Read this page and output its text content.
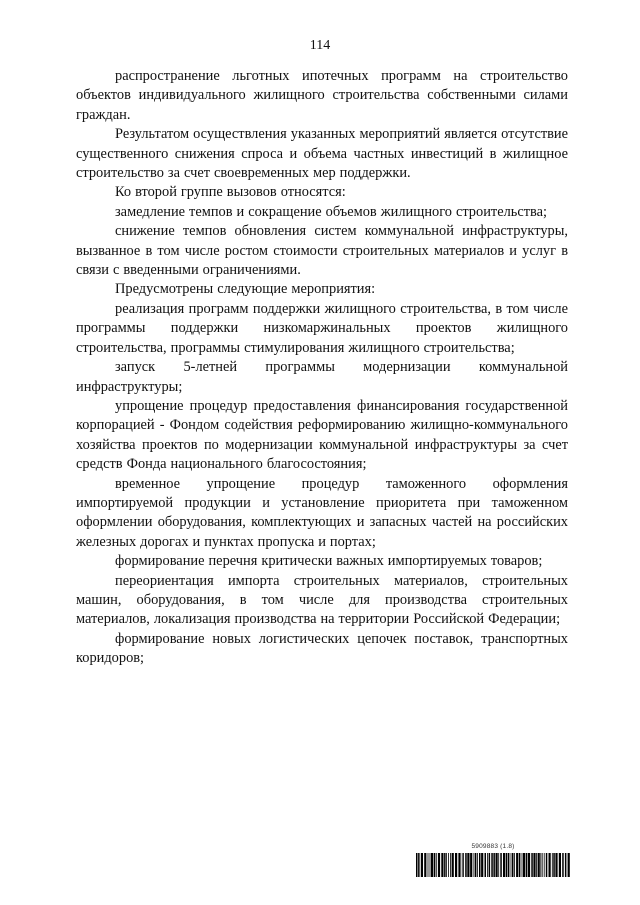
114

распространение льготных ипотечных программ на строительство объектов индивидуального жилищного строительства собственными силами граждан.

Результатом осуществления указанных мероприятий является отсутствие существенного снижения спроса и объема частных инвестиций в жилищное строительство за счет своевременных мер поддержки.

Ко второй группе вызовов относятся:

замедление темпов и сокращение объемов жилищного строительства;

снижение темпов обновления систем коммунальной инфраструктуры, вызванное в том числе ростом стоимости строительных материалов и услуг в связи с введенными ограничениями.

Предусмотрены следующие мероприятия:

реализация программ поддержки жилищного строительства, в том числе программы поддержки низкомаржинальных проектов жилищного строительства, программы стимулирования жилищного строительства;

запуск 5-летней программы модернизации коммунальной инфраструктуры;

упрощение процедур предоставления финансирования государственной корпорацией - Фондом содействия реформированию жилищно-коммунального хозяйства проектов по модернизации коммунальной инфраструктуры за счет средств Фонда национального благосостояния;

временное упрощение процедур таможенного оформления импортируемой продукции и установление приоритета при таможенном оформлении оборудования, комплектующих и запасных частей на российских железных дорогах и пунктах пропуска и портах;

формирование перечня критически важных импортируемых товаров;

переориентация импорта строительных материалов, строительных машин, оборудования, в том числе для производства строительных материалов, локализация производства на территории Российской Федерации;

формирование новых логистических цепочек поставок, транспортных коридоров;

5909883 (1.8)
